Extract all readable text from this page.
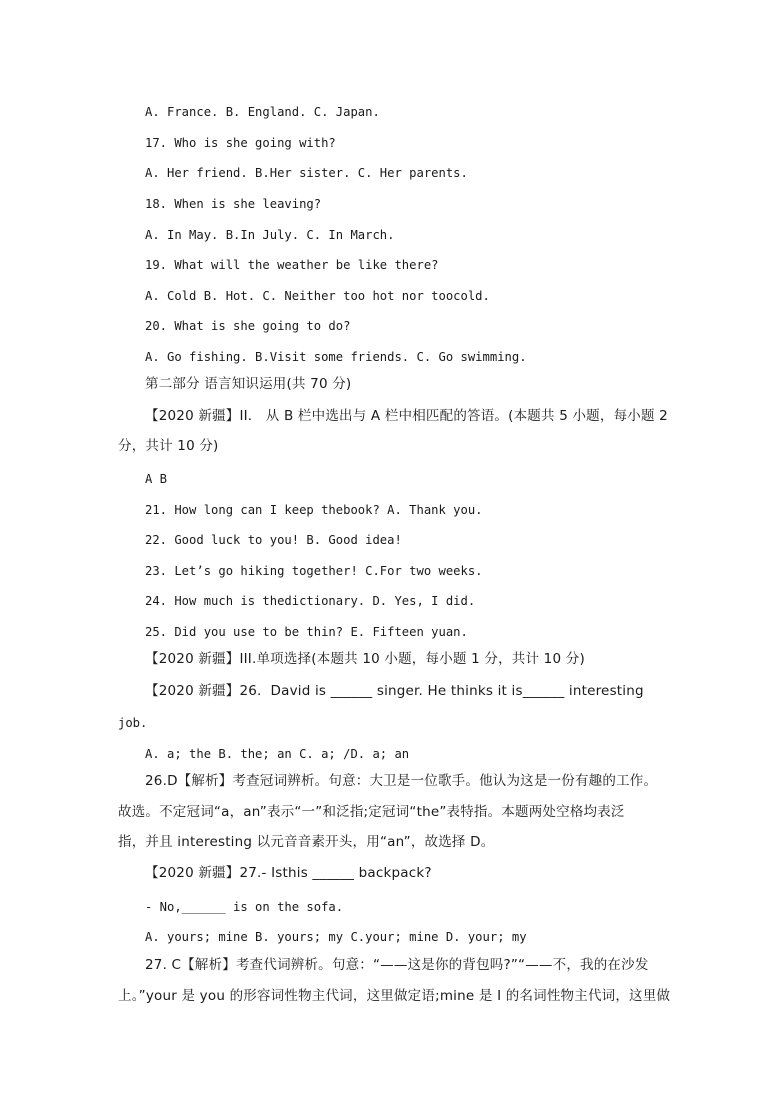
A. France. B. England. C. Japan.
17. Who is she going with?
A. Her friend. B.Her sister. C. Her parents.
18. When is she leaving?
A. In May. B.In July. C. In March.
19. What will the weather be like there?
A. Cold B. Hot. C. Neither too hot nor toocold.
20. What is she going to do?
A. Go fishing. B.Visit some friends. C. Go swimming.
第二部分 语言知识运用(共 70 分)
【2020 新疆】II.   从 B 栏中选出与 A 栏中相匹配的答语。(本题共 5 小题，每小题 2
分，共计 10 分)
A B
21. How long can I keep thebook? A. Thank you.
22. Good luck to you! B. Good idea!
23. Let’s go hiking together! C.For two weeks.
24. How much is thedictionary. D. Yes, I did.
25. Did you use to be thin? E. Fifteen yuan.
【2020 新疆】III.单项选择(本题共 10 小题，每小题 1 分，共计 10 分)
【2020 新疆】26.  David is ______ singer. He thinks it is______ interesting
job.
A. a; the B. the; an C. a; /D. a; an
26.D【解析】考查冠词辨析。句意：大卫是一位歌手。他认为这是一份有趣的工作。
故选。不定冠词“a，an”表示“一”和泛指;定冠词“the”表特指。本题两处空格均表泛
指，并且 interesting 以元音音素开头，用“an”，故选择 D。
【2020 新疆】27.- Isthis ______ backpack?
- No,______ is on the sofa.
A. yours; mine B. yours; my C.your; mine D. your; my
27. C【解析】考查代词辨析。句意：“——这是你的背包吗?”“——不，我的在沙发
上。”your 是 you 的形容词性物主代词，这里做定语;mine 是 I 的名词性物主代词，这里做
